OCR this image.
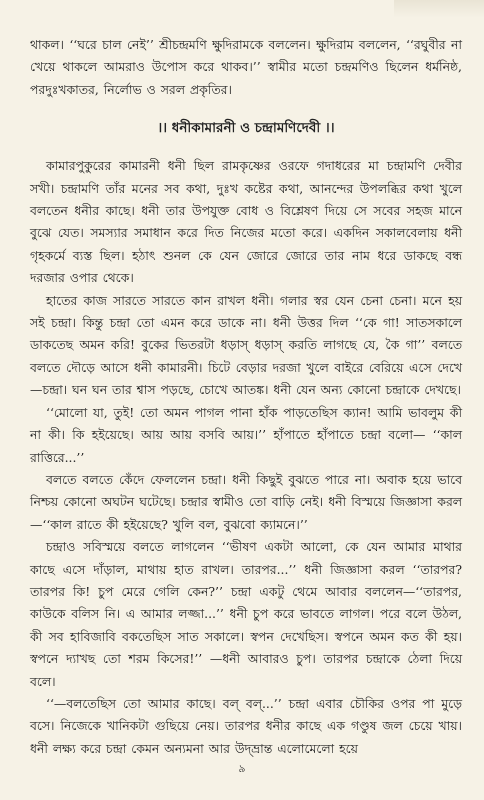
থাকল। ‘‘ঘরে চাল নেই’’ শ্রীচন্দ্রমণি ক্ষুদিরামকে বললেন। ক্ষুদিরাম বললেন, ‘‘রঘুবীর না খেয়ে থাকলে আমরাও উপোস করে থাকব।’’ স্বামীর মতো চন্দ্রমণিও ছিলেন ধর্মনিষ্ঠ, পরদুঃখকাতর, নির্লোভ ও সরল প্রকৃতির।

।। ধনীকামারনী ও চন্দ্রামণিদেবী ।।

কামারপুকুরের কামারনী ধনী ছিল রামকৃষ্ণের ওরফে গদাধরের মা চন্দ্রামণি দেবীর সখী। চন্দ্রামণি তাঁর মনের সব কথা, দুঃখ কষ্টের কথা, আনন্দের উপলব্ধির কথা খুলে বলতেন ধনীর কাছে। ধনী তার উপযুক্ত বোধ ও বিশ্লেষণ দিয়ে সে সবের সহজ মানে বুঝে যেত। সমস্যার সমাধান করে দিত নিজের মতো করে। একদিন সকালবেলায় ধনী গৃহকর্মে ব্যস্ত ছিল। হঠাৎ শুনল কে যেন জোরে জোরে তার নাম ধরে ডাকছে বন্ধ দরজার ওপার থেকে।

হাতের কাজ সারতে সারতে কান রাখল ধনী। গলার স্বর যেন চেনা চেনা। মনে হয় সই চন্দ্রা। কিন্তু চন্দ্রা তো এমন করে ডাকে না। ধনী উত্তর দিল ‘‘কে গা! সাতসকালে ডাকতেছ অমন করি! বুকের ভিতরটা ধড়াস্ ধড়াস্ করতি লাগছে যে, কৈ গা’’ বলতে বলতে দৌড়ে আসে ধনী কামারনী। চিটে বেড়ার দরজা খুলে বাইরে বেরিয়ে এসে দেখে—চন্দ্রা। ঘন ঘন তার শ্বাস পড়ছে, চোখে আতঙ্ক। ধনী যেন অন্য কোনো চন্দ্রাকে দেখছে।

‘‘মোলো যা, তুই! তো অমন পাগল পানা হাঁক পাড়তেছিস ক্যান! আমি ভাবলুম কী না কী। কি হইয়েছে। আয় আয় বসবি আয়।’’ হাঁপাতে হাঁপাতে চন্দ্রা বলো— ‘‘কাল রাত্তিরে...’’

বলতে বলতে কেঁদে ফেললেন চন্দ্রা। ধনী কিছুই বুঝতে পারে না। অবাক হয়ে ভাবে নিশ্চয় কোনো অঘটন ঘটেছে। চন্দ্রার স্বামীও তো বাড়ি নেই। ধনী বিস্ময়ে জিজ্ঞাসা করল—‘‘কাল রাতে কী হইয়েছে? খুলি বল, বুঝবো ক্যামনে।’’

চন্দ্রাও সবিস্ময়ে বলতে লাগলেন ‘‘ভীষণ একটা আলো, কে যেন আমার মাথার কাছে এসে দাঁড়াল, মাথায় হাত রাখল। তারপর...’’ ধনী জিজ্ঞাসা করল ‘‘তারপর? তারপর কি! চুপ মেরে গেলি কেন?’’ চন্দ্রা একটু থেমে আবার বললেন—‘‘তারপর, কাউকে বলিস নি। এ আমার লজ্জা...’’ ধনী চুপ করে ভাবতে লাগল। পরে বলে উঠল, কী সব হাবিজাবি বকতেছিস সাত সকালে। স্বপন দেখেছিস। স্বপনে অমন কত কী হয়। স্বপনে দ্যাখছ তো শরম কিসের!’’ —ধনী আবারও চুপ। তারপর চন্দ্রাকে ঠেলা দিয়ে বলে।

‘‘—বলতেছিস তো আমার কাছে। বল্ বল্...’’ চন্দ্রা এবার চৌকির ওপর পা মুড়ে বসে। নিজেকে খানিকটা গুছিয়ে নেয়। তারপর ধনীর কাছে এক গণ্ডুষ জল চেয়ে খায়। ধনী লক্ষ্য করে চন্দ্রা কেমন অন্যমনা আর উদ্‌ভ্রান্ত এলোমেলো হয়ে

৯
